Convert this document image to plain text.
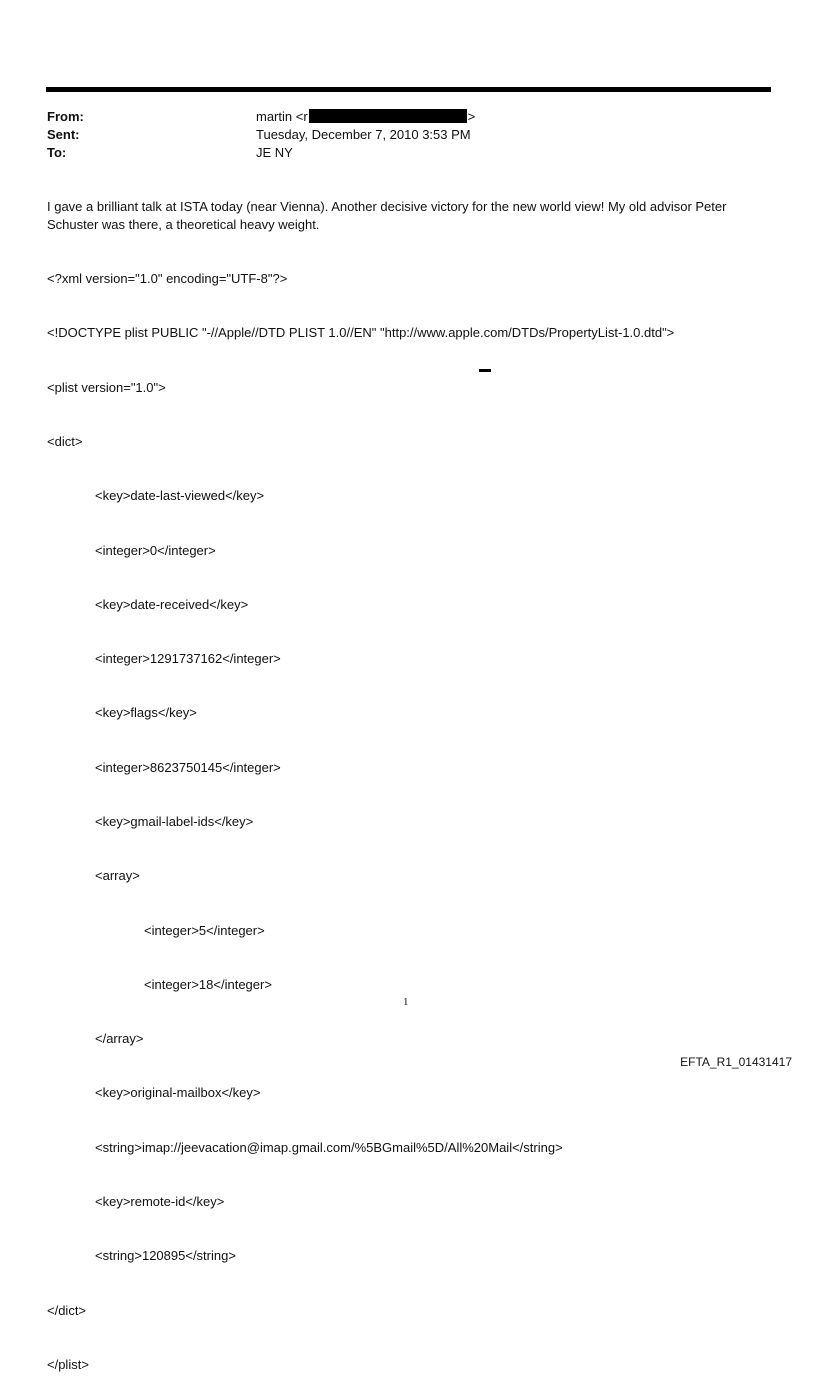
From:	martin <r	>
Sent:	Tuesday, December 7, 2010 3:53 PM
To:	JE NY

I gave a brilliant talk at ISTA today (near Vienna). Another decisive victory for the new world view! My old advisor Peter Schuster was there, a theoretical heavy weight.

<?xml version="1.0" encoding="UTF-8"?>

<!DOCTYPE plist PUBLIC "-//Apple//DTD PLIST 1.0//EN" "http://www.apple.com/DTDs/PropertyList-1.0.dtd">

<plist version="1.0">

<dict>

<key>date-last-viewed</key>

<integer>0</integer>

<key>date-received</key>

<integer>1291737162</integer>

<key>flags</key>

<integer>8623750145</integer>

<key>gmail-label-ids</key>

<array>

<integer>5</integer>

<integer>18</integer>

</array>

<key>original-mailbox</key>

<string>imap://jeevacation@imap.gmail.com/%5BGmail%5D/All%20Mail</string>

<key>remote-id</key>

<string>120895</string>

</dict>

</plist>

1
EFTA_R1_01431417
